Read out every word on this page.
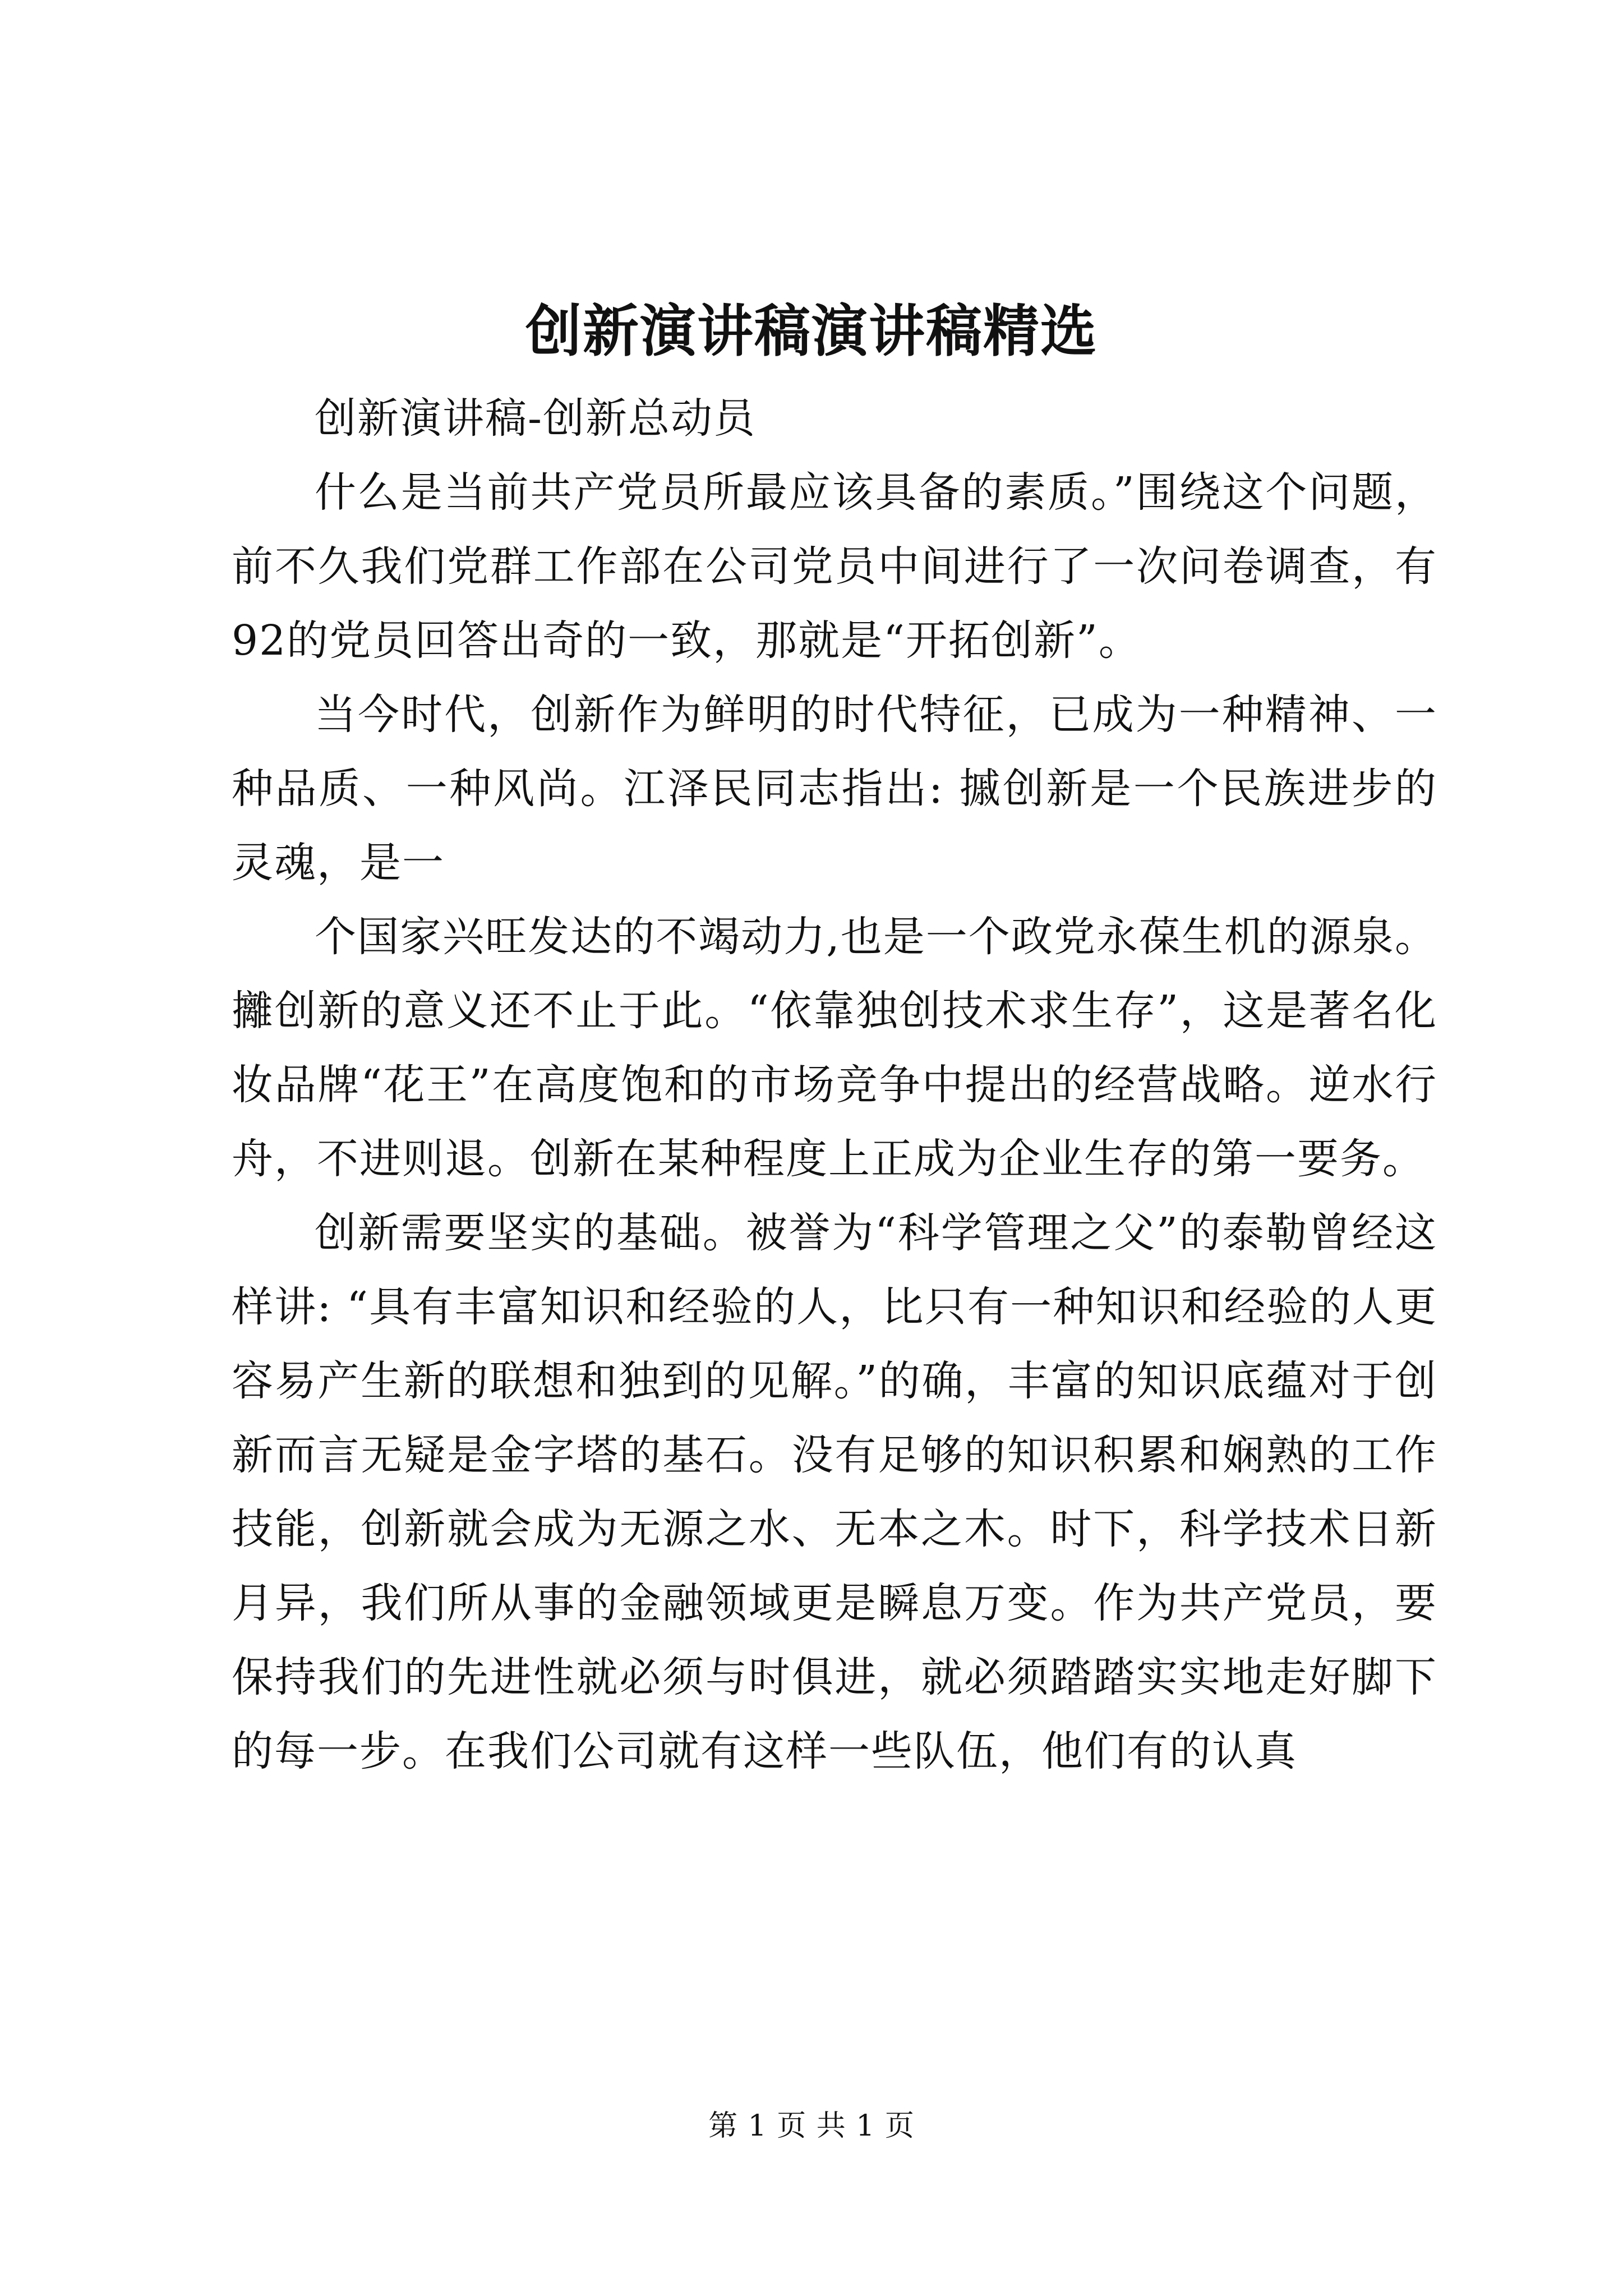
创新演讲稿演讲稿精选

创新演讲稿-创新总动员

什么是当前共产党员所最应该具备的素质。”围绕这个问题，前不久我们党群工作部在公司党员中间进行了一次问卷调查，有92的党员回答出奇的一致，那就是“开拓创新”。

当今时代，创新作为鲜明的时代特征，已成为一种精神、一种品质、一种风尚。江泽民同志指出: 摵创新是一个民族进步的灵魂，是一

个国家兴旺发达的不竭动力,也是一个政党永葆生机的源泉。攡创新的意义还不止于此。“依靠独创技术求生存”，这是著名化妆品牌“花王”在高度饱和的市场竞争中提出的经营战略。逆水行舟，不进则退。创新在某种程度上正成为企业生存的第一要务。

创新需要坚实的基础。被誉为“科学管理之父”的泰勒曾经这样讲: “具有丰富知识和经验的人，比只有一种知识和经验的人更容易产生新的联想和独到的见解。”的确，丰富的知识底蕴对于创新而言无疑是金字塔的基石。没有足够的知识积累和娴熟的工作技能，创新就会成为无源之水、无本之木。时下，科学技术日新月异，我们所从事的金融领域更是瞬息万变。作为共产党员，要保持我们的先进性就必须与时俱进，就必须踏踏实实地走好脚下的每一步。在我们公司就有这样一些队伍，他们有的认真

第 1 页 共 1 页
